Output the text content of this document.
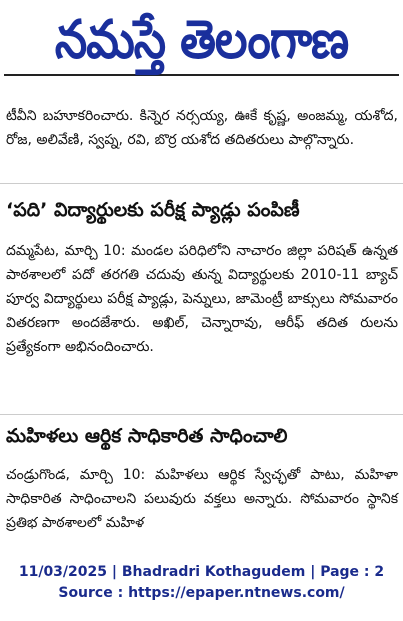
నమస్తే తెలంగాణ

టీవీని బహూకరించారు. కిన్నెర నర్సయ్య, ఊకే కృష్ణ, అంజమ్మ, యశోద, రోజ, అలివేణి, స్వప్న, రవి, బొర్ర యశోద తదితరులు పాల్గొన్నారు.

‘పది’ విద్యార్థులకు పరీక్ష ప్యాడ్లు పంపిణీ

దమ్మపేట, మార్చి 10: మండల పరిధిలోని నాచారం జిల్లా పరిషత్ ఉన్నత పాఠశాలలో పదో తరగతి చదువు తున్న విద్యార్థులకు 2010-11 బ్యాచ్ పూర్వ విద్యార్థులు పరీక్ష ప్యాడ్లు, పెన్నులు, జామెంట్రీ బాక్సులు సోమవారం వితరణగా అందజేశారు. అఖిల్, చెన్నారావు, ఆరీఫ్ తదిత రులను ప్రత్యేకంగా అభినందించారు.

మహిళలు ఆర్థిక సాధికారిత సాధించాలి

చండ్రుగొండ, మార్చి 10: మహిళలు ఆర్థిక స్వేచ్ఛతో పాటు, మహిళా సాధికారిత సాధించాలని పలువురు వక్తలు అన్నారు. సోమవారం స్థానిక ప్రతిభ పాఠశాలలో మహిళ

11/03/2025 | Bhadradri Kothagudem | Page : 2
Source : https://epaper.ntnews.com/
